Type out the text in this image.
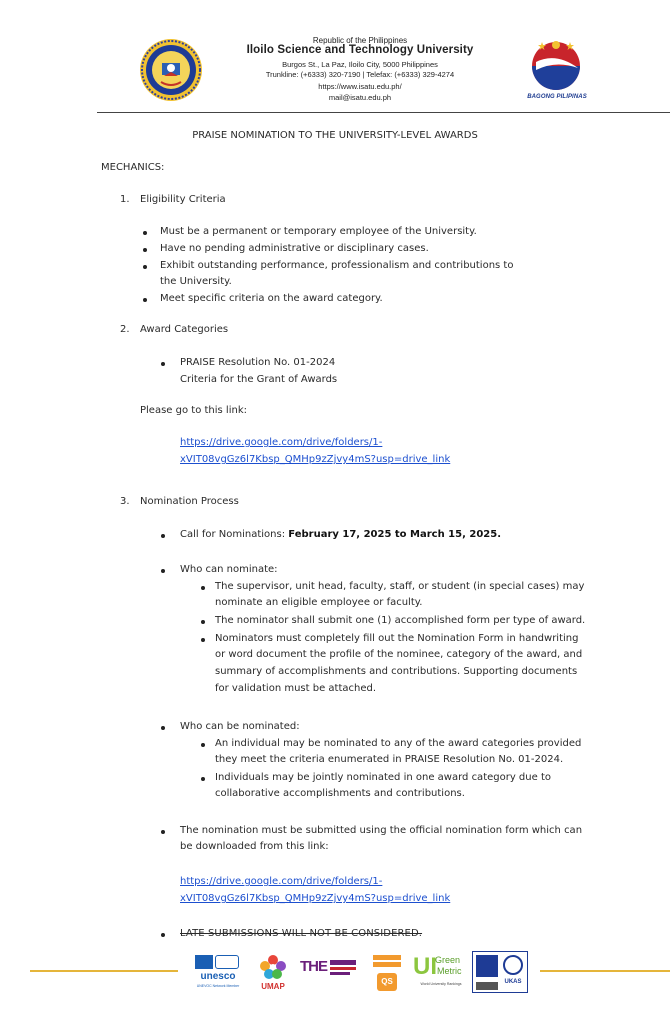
Republic of the Philippines
Iloilo Science and Technology University
Burgos St., La Paz, Iloilo City, 5000 Philippines
Trunkline: (+6333) 320-7190 | Telefax: (+6333) 329-4274
https://www.isatu.edu.ph/
mail@isatu.edu.ph	BAGONG PILIPINAS
PRAISE NOMINATION TO THE UNIVERSITY-LEVEL AWARDS
MECHANICS:
1. Eligibility Criteria
Must be a permanent or temporary employee of the University.
Have no pending administrative or disciplinary cases.
Exhibit outstanding performance, professionalism and contributions to
the University.
Meet specific criteria on the award category.
2. Award Categories
PRAISE Resolution No. 01-2024
Criteria for the Grant of Awards
Please go to this link:
https://drive.google.com/drive/folders/1-
xVIT08vgGz6l7Kbsp_QMHp9zZjvy4mS?usp=drive_link
3. Nomination Process
Call for Nominations: February 17, 2025 to March 15, 2025.
Who can nominate:
The supervisor, unit head, faculty, staff, or student (in special cases) may
nominate an eligible employee or faculty.
The nominator shall submit one (1) accomplished form per type of award.
Nominators must completely fill out the Nomination Form in handwriting
or word document the profile of the nominee, category of the award, and
summary of accomplishments and contributions. Supporting documents
for validation must be attached.
Who can be nominated:
An individual may be nominated to any of the award categories provided
they meet the criteria enumerated in PRAISE Resolution No. 01-2024.
Individuals may be jointly nominated in one award category due to
collaborative accomplishments and contributions.
The nomination must be submitted using the official nomination form which can
be downloaded from this link:
https://drive.google.com/drive/folders/1-
xVIT08vgGz6l7Kbsp_QMHp9zZjvy4mS?usp=drive_link
LATE SUBMISSIONS WILL NOT BE CONSIDERED.
unesco
UNEVOC Network Member	UMAP
THE
QS
UI
Green
Metric
World University Rankings	UKAS
